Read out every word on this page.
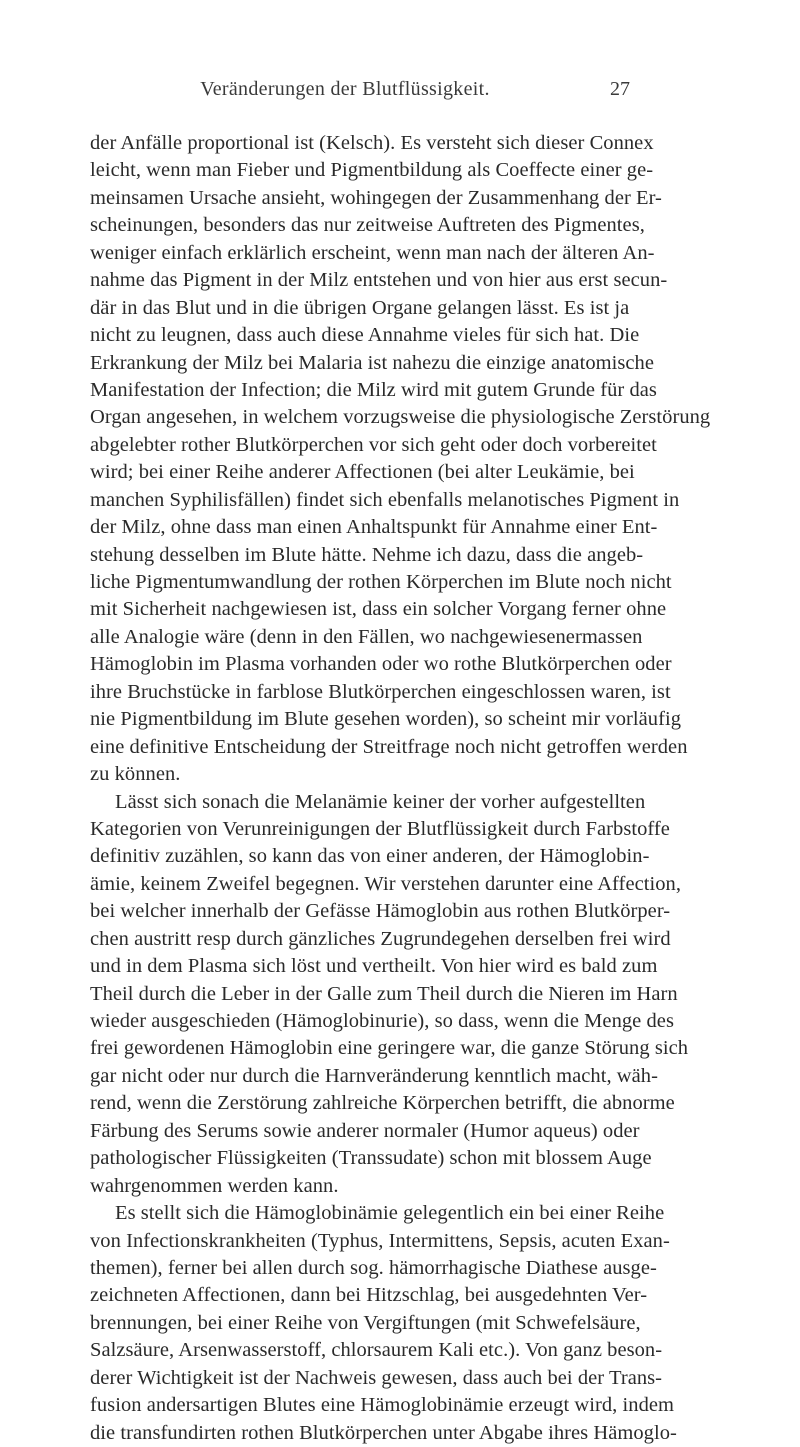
Veränderungen der Blutflüssigkeit.	27
der Anfälle proportional ist (Kelsch). Es versteht sich dieser Connex
leicht, wenn man Fieber und Pigmentbildung als Coeffecte einer ge-
meinsamen Ursache ansieht, wohingegen der Zusammenhang der Er-
scheinungen, besonders das nur zeitweise Auftreten des Pigmentes,
weniger einfach erklärlich erscheint, wenn man nach der älteren An-
nahme das Pigment in der Milz entstehen und von hier aus erst secun-
där in das Blut und in die übrigen Organe gelangen lässt. Es ist ja
nicht zu leugnen, dass auch diese Annahme vieles für sich hat. Die
Erkrankung der Milz bei Malaria ist nahezu die einzige anatomische
Manifestation der Infection; die Milz wird mit gutem Grunde für das
Organ angesehen, in welchem vorzugsweise die physiologische Zerstörung
abgelebter rother Blutkörperchen vor sich geht oder doch vorbereitet
wird; bei einer Reihe anderer Affectionen (bei alter Leukämie, bei
manchen Syphilisfällen) findet sich ebenfalls melanotisches Pigment in
der Milz, ohne dass man einen Anhaltspunkt für Annahme einer Ent-
stehung desselben im Blute hätte. Nehme ich dazu, dass die angeb-
liche Pigmentumwandlung der rothen Körperchen im Blute noch nicht
mit Sicherheit nachgewiesen ist, dass ein solcher Vorgang ferner ohne
alle Analogie wäre (denn in den Fällen, wo nachgewiesenermassen
Hämoglobin im Plasma vorhanden oder wo rothe Blutkörperchen oder
ihre Bruchstücke in farblose Blutkörperchen eingeschlossen waren, ist
nie Pigmentbildung im Blute gesehen worden), so scheint mir vorläufig
eine definitive Entscheidung der Streitfrage noch nicht getroffen werden
zu können.
Lässt sich sonach die Melanämie keiner der vorher aufgestellten
Kategorien von Verunreinigungen der Blutflüssigkeit durch Farbstoffe
definitiv zuzählen, so kann das von einer anderen, der Hämoglobin-
ämie, keinem Zweifel begegnen. Wir verstehen darunter eine Affection,
bei welcher innerhalb der Gefässe Hämoglobin aus rothen Blutkörper-
chen austritt resp durch gänzliches Zugrundegehen derselben frei wird
und in dem Plasma sich löst und vertheilt. Von hier wird es bald zum
Theil durch die Leber in der Galle zum Theil durch die Nieren im Harn
wieder ausgeschieden (Hämoglobinurie), so dass, wenn die Menge des
frei gewordenen Hämoglobin eine geringere war, die ganze Störung sich
gar nicht oder nur durch die Harnveränderung kenntlich macht, wäh-
rend, wenn die Zerstörung zahlreiche Körperchen betrifft, die abnorme
Färbung des Serums sowie anderer normaler (Humor aqueus) oder
pathologischer Flüssigkeiten (Transsudate) schon mit blossem Auge
wahrgenommen werden kann.
Es stellt sich die Hämoglobinämie gelegentlich ein bei einer Reihe
von Infectionskrankheiten (Typhus, Intermittens, Sepsis, acuten Exan-
themen), ferner bei allen durch sog. hämorrhagische Diathese ausge-
zeichneten Affectionen, dann bei Hitzschlag, bei ausgedehnten Ver-
brennungen, bei einer Reihe von Vergiftungen (mit Schwefelsäure,
Salzsäure, Arsenwasserstoff, chlorsaurem Kali etc.). Von ganz beson-
derer Wichtigkeit ist der Nachweis gewesen, dass auch bei der Trans-
fusion andersartigen Blutes eine Hämoglobinämie erzeugt wird, indem
die transfundirten rothen Blutkörperchen unter Abgabe ihres Hämoglo-
